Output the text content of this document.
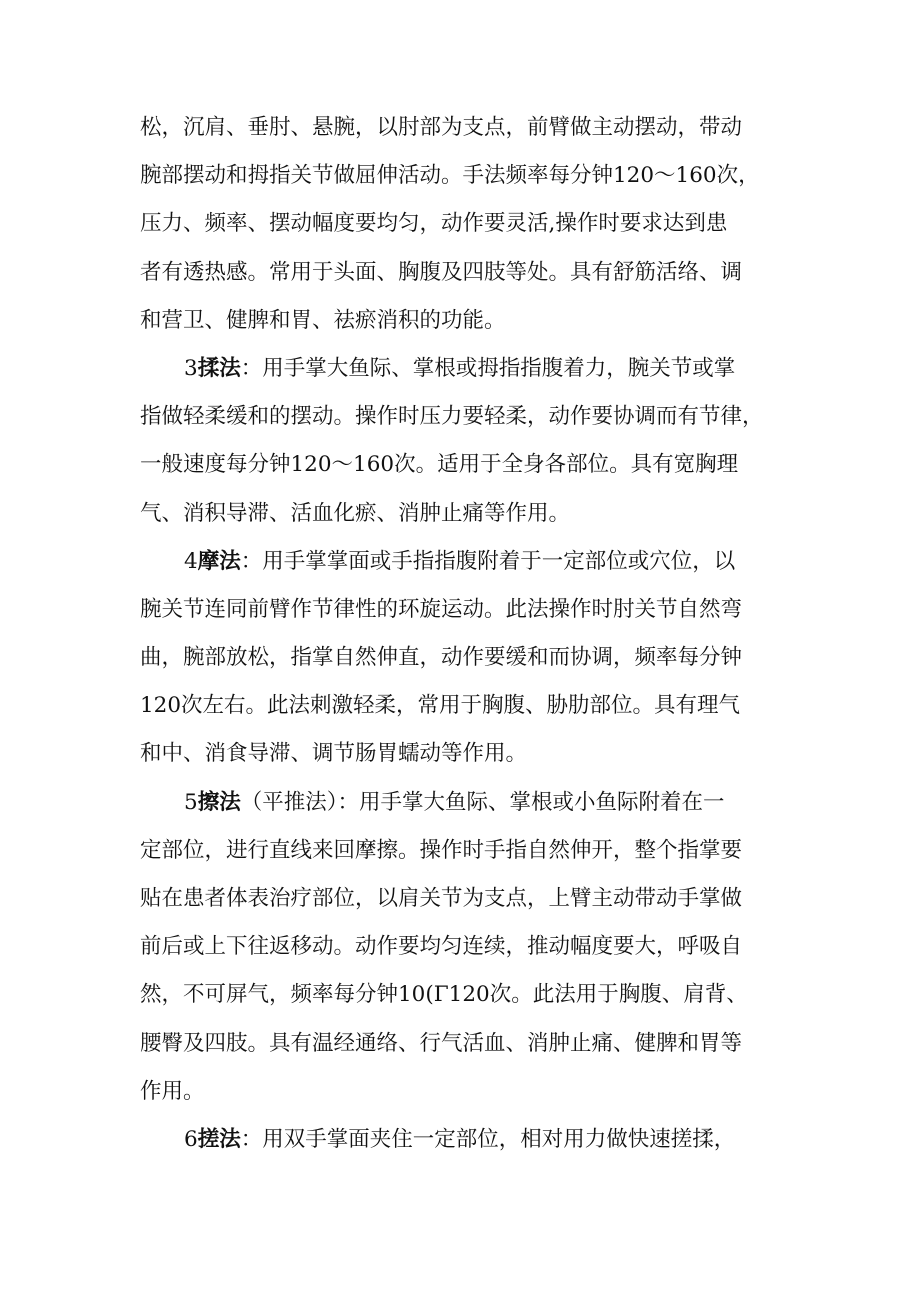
松，沉肩、垂肘、悬腕，以肘部为支点，前臂做主动摆动，带动
腕部摆动和拇指关节做屈伸活动。手法频率每分钟120～160次，
压力、频率、摆动幅度要均匀，动作要灵活,操作时要求达到患
者有透热感。常用于头面、胸腹及四肢等处。具有舒筋活络、调
和营卫、健脾和胃、祛瘀消积的功能。
3揉法：用手掌大鱼际、掌根或拇指指腹着力，腕关节或掌
指做轻柔缓和的摆动。操作时压力要轻柔，动作要协调而有节律，
一般速度每分钟120～160次。适用于全身各部位。具有宽胸理
气、消积导滞、活血化瘀、消肿止痛等作用。
4摩法：用手掌掌面或手指指腹附着于一定部位或穴位，以
腕关节连同前臂作节律性的环旋运动。此法操作时肘关节自然弯
曲，腕部放松，指掌自然伸直，动作要缓和而协调，频率每分钟
120次左右。此法刺激轻柔，常用于胸腹、胁肋部位。具有理气
和中、消食导滞、调节肠胃蠕动等作用。
5擦法（平推法）：用手掌大鱼际、掌根或小鱼际附着在一
定部位，进行直线来回摩擦。操作时手指自然伸开，整个指掌要
贴在患者体表治疗部位，以肩关节为支点，上臂主动带动手掌做
前后或上下往返移动。动作要均匀连续，推动幅度要大，呼吸自
然，不可屏气，频率每分钟10(Γ120次。此法用于胸腹、肩背、
腰臀及四肢。具有温经通络、行气活血、消肿止痛、健脾和胃等
作用。
6搓法：用双手掌面夹住一定部位，相对用力做快速搓揉，
